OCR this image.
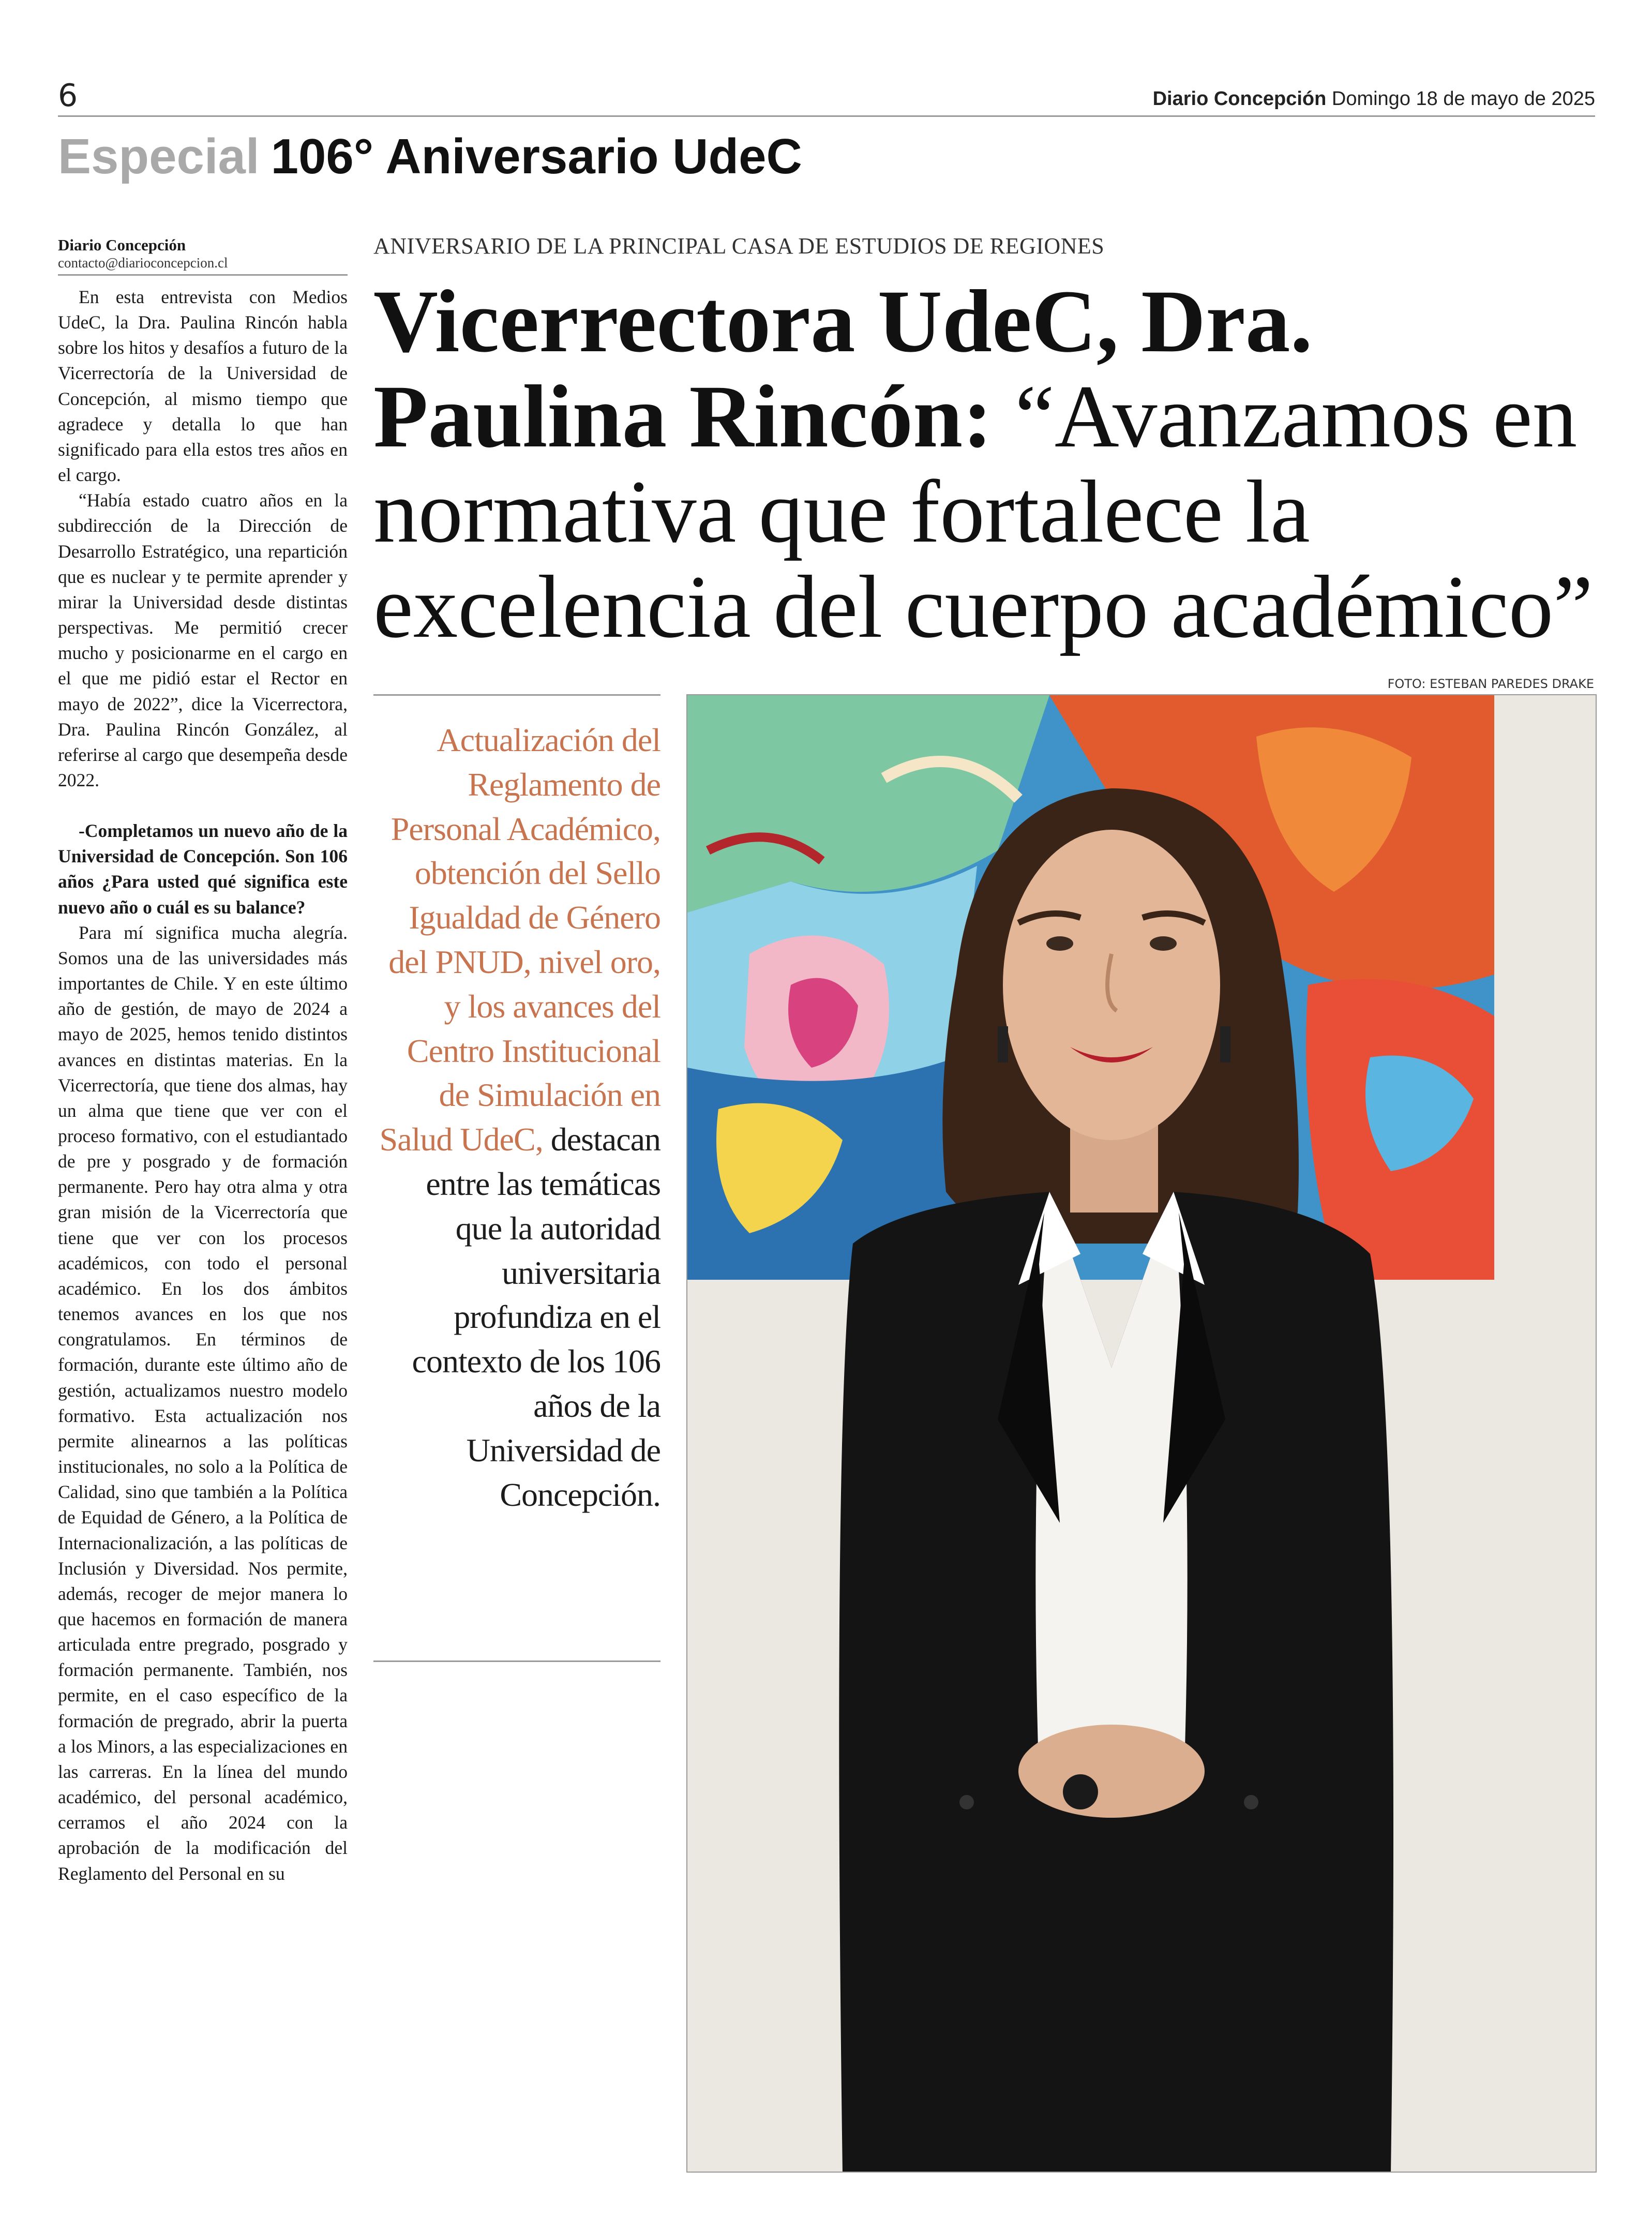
6	Diario Concepción Domingo 18 de mayo de 2025
Especial 106° Aniversario UdeC
Diario Concepción
contacto@diarioconcepcion.cl

En esta entrevista con Medios UdeC, la Dra. Paulina Rincón habla sobre los hitos y desafíos a futuro de la Vicerrectoría de la Universidad de Concepción, al mismo tiempo que agradece y detalla lo que han significado para ella estos tres años en el cargo.

“Había estado cuatro años en la subdirección de la Dirección de Desarrollo Estratégico, una repartición que es nuclear y te permite aprender y mirar la Universidad desde distintas perspectivas. Me permitió crecer mucho y posicionarme en el cargo en el que me pidió estar el Rector en mayo de 2022”, dice la Vicerrectora, Dra. Paulina Rincón González, al referirse al cargo que desempeña desde 2022.

-Completamos un nuevo año de la Universidad de Concepción. Son 106 años ¿Para usted qué significa este nuevo año o cuál es su balance?

Para mí significa mucha alegría. Somos una de las universidades más importantes de Chile. Y en este último año de gestión, de mayo de 2024 a mayo de 2025, hemos tenido distintos avances en distintas materias. En la Vicerrectoría, que tiene dos almas, hay un alma que tiene que ver con el proceso formativo, con el estudiantado de pre y posgrado y de formación permanente. Pero hay otra alma y otra gran misión de la Vicerrectoría que tiene que ver con los procesos académicos, con todo el personal académico. En los dos ámbitos tenemos avances en los que nos congratulamos. En términos de formación, durante este último año de gestión, actualizamos nuestro modelo formativo. Esta actualización nos permite alinearnos a las políticas institucionales, no solo a la Política de Calidad, sino que también a la Política de Equidad de Género, a la Política de Internacionalización, a las políticas de Inclusión y Diversidad. Nos permite, además, recoger de mejor manera lo que hacemos en formación de manera articulada entre pregrado, posgrado y formación permanente. También, nos permite, en el caso específico de la formación de pregrado, abrir la puerta a los Minors, a las especializaciones en las carreras. En la línea del mundo académico, del personal académico, cerramos el año 2024 con la aprobación de la modificación del Reglamento del Personal en su

ANIVERSARIO DE LA PRINCIPAL CASA DE ESTUDIOS DE REGIONES
Vicerrectora UdeC, Dra. Paulina Rincón: “Avanzamos en normativa que fortalece la excelencia del cuerpo académico”
FOTO: ESTEBAN PAREDES DRAKE
Actualización del Reglamento de Personal Académico, obtención del Sello Igualdad de Género del PNUD, nivel oro, y los avances del Centro Institucional de Simulación en Salud UdeC, destacan entre las temáticas que la autoridad universitaria profundiza en el contexto de los 106 años de la Universidad de Concepción.
